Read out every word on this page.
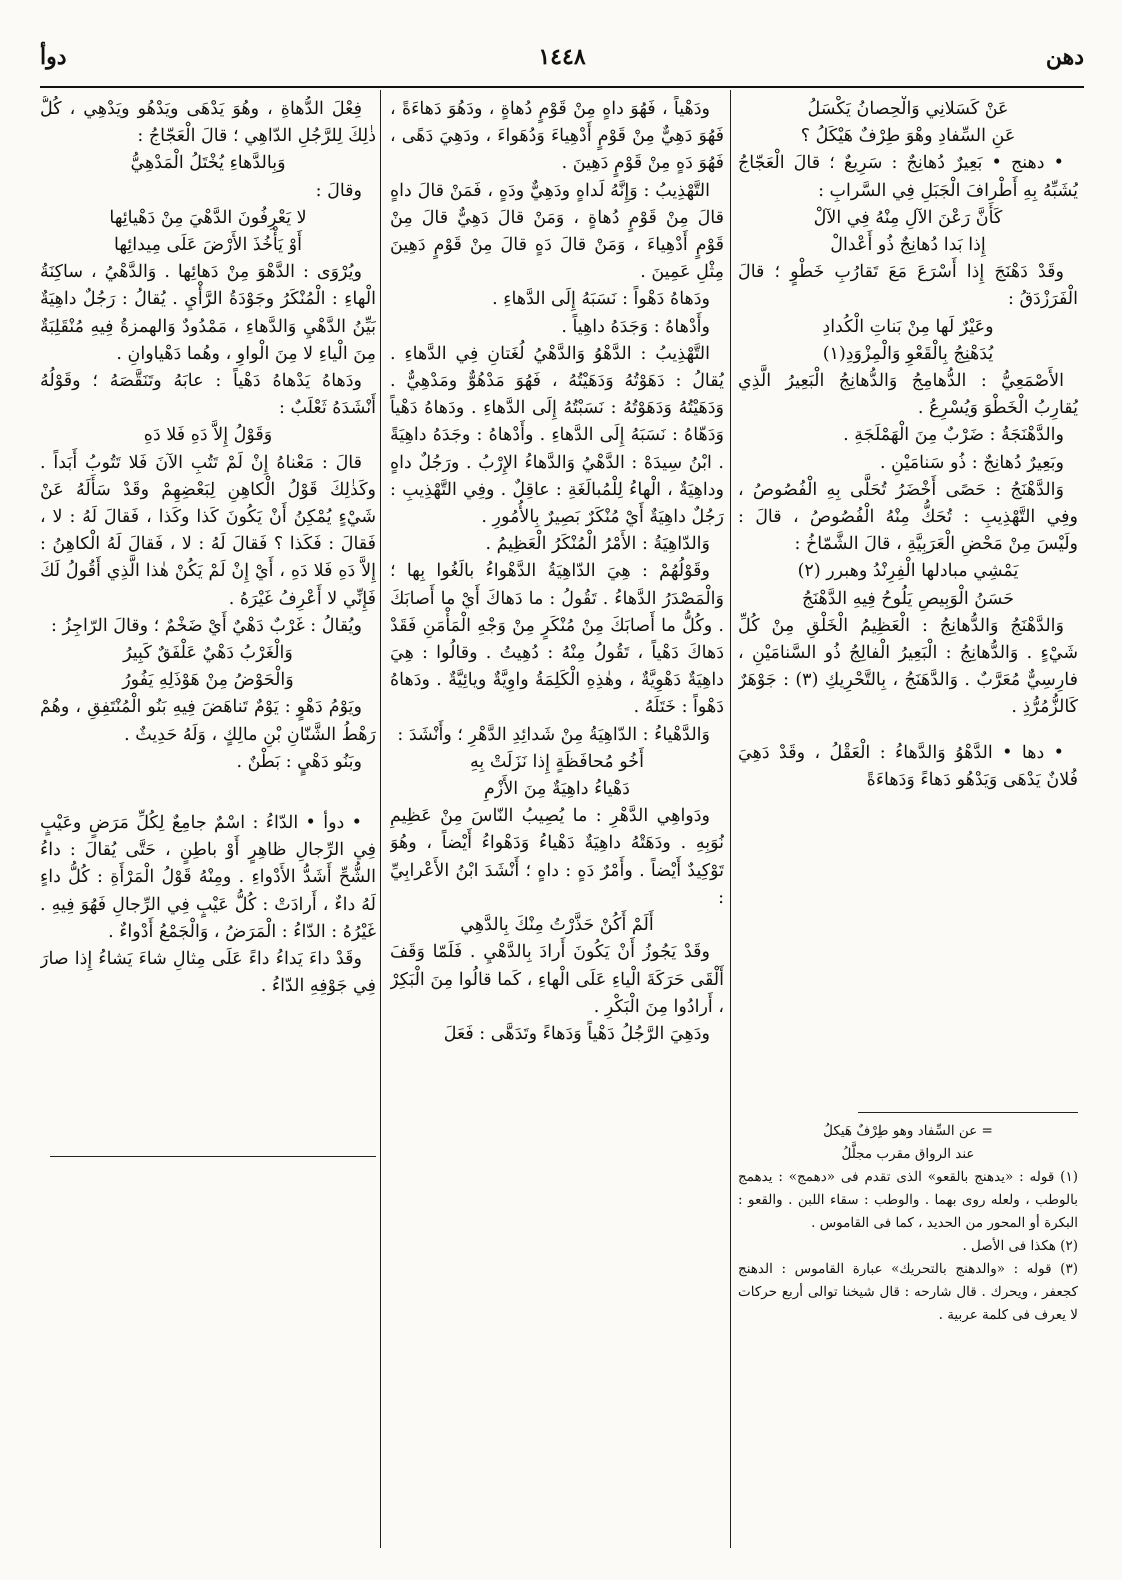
دهن
١٤٤٨
دوأ

عَنْ كَسَلانِي وَالْحِصانُ يَكْسَلُ

عَنِ السِّفادِ وهْوَ طِرْفٌ هَيْكَلُ ؟

• دهنج • بَعِيرٌ دُهانِجٌ : سَرِيعٌ ؛ قالَ الْعَجّاجُ يُشَبِّهُ بِهِ أَطْرافَ الْجَبَلِ فِي السَّرابِ :

كَأَنَّ رَعْنَ الآلِ مِنْهُ فِي الآلْ

إِذا بَدا دُهانِجٌ ذُو أَعْدالْ

وقَدْ دَهْنَجَ إِذا أَسْرَعَ مَعَ تَقارُبِ خَطْوٍ ؛ قالَ الْفَرَزْدَقُ :

وعَيْرٌ لَها مِنْ بَناتِ الْكُدادِ

يُدَهْنِجُ بِالْقَعْوِ وَالْمِزْوَدِ(١)

الأَصْمَعِيُّ : الدُّهامِجُ وَالدُّهانِجُ الْبَعِيرُ الَّذِي يُقارِبُ الْخَطْوَ وَيُسْرِعُ .

والدَّهْنَجَةُ : ضَرْبٌ مِنَ الْهَمْلَجَةِ .

وبَعِيرٌ دُهانِجٌ : ذُو سَنامَيْنِ .

وَالدَّهْنَجُ : حَصًى أَخْضَرُ تُحَلَّى بِهِ الْفُصُوصُ ، وفِي التَّهْذِيبِ : تُحَكُّ مِنْهُ الْفُصُوصُ ، قالَ : ولَيْسَ مِنْ مَحْضِ الْعَرَبِيَّةِ ، قالَ الشَّمّاخُ :

يَمْشِي مبادلها الْفِرِنْدُ وهبرر (٢)

حَسَنُ الْوَبِيصِ يَلُوحُ فِيهِ الدَّهْنَجُ

وَالدَّهْنَجُ وَالدُّهانِجُ : الْعَظِيمُ الْخَلْقِ مِنْ كُلِّ شَيْءٍ . وَالدُّهانِجُ : الْبَعِيرُ الْفالِجُ ذُو السَّنامَيْنِ ، فارِسِيٌّ مُعَرَّبٌ . وَالدَّهَنَجُ ، بِالتَّحْرِيكِ (٣) : جَوْهَرٌ كَالزُّمُرُّذِ .

• دها • الدَّهْوُ وَالدَّهاءُ : الْعَقْلُ ، وقَدْ دَهِيَ فُلانٌ يَدْهَى وَيَدْهُو دَهاءً وَدَهاءَةً

= عن السِّفاد وهو طِرْفٌ هَيكلُ

عند الرواق مقرب مجلَّلُ

(١) قوله : «يدهنج بالقعو» الذى تقدم فى «دهمج» : يدهمج بالوطب ، ولعله روى بهما . والوطب : سقاء اللبن . والقعو : البكرة أو المحور من الحديد ، كما فى القاموس .

(٢) هكذا فى الأصل .

(٣) قوله : «والدهنج بالتحريك» عبارة القاموس : الدهنج كجعفر ، ويحرك . قال شارحه : قال شيخنا توالى أربع حركات لا يعرف فى كلمة عربية .

ودَهْياً ، فَهُوَ داهٍ مِنْ قَوْمٍ دُهاةٍ ، ودَهُوَ دَهاءَةً ، فَهُوَ دَهِيٌّ مِنْ قَوْمٍ أَدْهِياءَ وَدُهَواءَ ، ودَهِيَ دَهًى ، فَهُوَ دَهٍ مِنْ قَوْمٍ دَهِينَ .

التَّهْذِيبُ : وَإِنَّهُ لَداهٍ ودَهِيٌّ ودَهٍ ، فَمَنْ قالَ داهٍ قالَ مِنْ قَوْمٍ دُهاةٍ ، وَمَنْ قالَ دَهِيٌّ قالَ مِنْ قَوْمٍ أَدْهِياءَ ، وَمَنْ قالَ دَهٍ قالَ مِنْ قَوْمٍ دَهِينَ مِثْلِ عَمِينَ .

ودَهاهُ دَهْواً : نَسَبَهُ إِلَى الدَّهاءِ .

وأَدْهاهُ : وَجَدَهُ داهِياً .

التَّهْذِيبُ : الدَّهْوُ وَالدَّهْيُ لُغَتانِ فِي الدَّهاءِ . يُقالُ : دَهَوْتُهُ وَدَهَيْتُهُ ، فَهُوَ مَدْهُوٌّ ومَدْهِيٌّ . وَدَهَيْتُهُ وَدَهَوْتُهُ : نَسَبْتُهُ إِلَى الدَّهاءِ . ودَهاهُ دَهْياً وَدَهّاهُ : نَسَبَهُ إِلَى الدَّهاءِ . وأَدْهاهُ : وجَدَهُ داهِيَةً . ابْنُ سِيدَهْ : الدَّهْيُ وَالدَّهاءُ الإِرْبُ . ورَجُلٌ داهٍ وداهِيَةٌ ، الْهاءُ لِلْمُبالَغَةِ : عاقِلٌ . وفِي التَّهْذِيبِ : رَجُلٌ داهِيَةٌ أَيْ مُنْكَرٌ بَصِيرٌ بِالأُمُورِ .

وَالدّاهِيَةُ : الأَمْرُ الْمُنْكَرُ الْعَظِيمُ .

وقَوْلُهُمْ : هِيَ الدّاهِيَةُ الدَّهْواءُ بالَغُوا بِها ؛ وَالْمَصْدَرُ الدَّهاءُ . تَقُولُ : ما دَهاكَ أَيْ ما أَصابَكَ . وكُلُّ ما أَصابَكَ مِنْ مُنْكَرٍ مِنْ وَجْهِ الْمَأْمَنِ فَقَدْ دَهاكَ دَهْياً ، تَقُولُ مِنْهُ : دُهِيتُ . وقالُوا : هِيَ داهِيَةٌ دَهْوِيَّةٌ ، وهٰذِهِ الْكَلِمَةُ واوِيَّةٌ ويائِيَّةٌ . ودَهاهُ دَهْواً : خَتَلَهُ .

وَالدَّهْياءُ : الدّاهِيَةُ مِنْ شَدائِدِ الدَّهْرِ ؛ وأَنْشَدَ :

أَخُو مُحافَظَةٍ إِذا نَزَلَتْ بِهِ

دَهْياءُ داهِيَةٌ مِنَ الأَزْمِ

ودَواهِي الدَّهْرِ : ما يُصِيبُ النّاسَ مِنْ عَظِيمِ نُوَبِهِ . ودَهَتْهُ داهِيَةٌ دَهْياءُ وَدَهْواءُ أَيْضاً ، وهُوَ تَوْكِيدٌ أَيْضاً . وأَمْرٌ دَهٍ : داهٍ ؛ أَنْشَدَ ابْنُ الأَعْرابِيِّ :

أَلَمْ أَكُنْ حَذَّرْتُ مِنْكَ بِالدَّهِي

وقَدْ يَجُوزُ أَنْ يَكُونَ أَرادَ بِالدَّهْيِ . فَلَمّا وَقَفَ أَلْقَى حَرَكَةَ الْياءِ عَلَى الْهاءِ ، كَما قالُوا مِنَ الْبَكِرْ ، أَرادُوا مِنَ الْبَكْرِ .

ودَهِيَ الرَّجُلُ دَهْياً وَدَهاءً وتَدَهَّى : فَعَلَ

فِعْلَ الدُّهاةِ ، وهُوَ يَدْهَى ويَدْهُو ويَدْهِي ، كُلُّ ذٰلِكَ لِلرَّجُلِ الدّاهِي ؛ قالَ الْعَجّاجُ :

وَبِالدَّهاءِ يُخْتَلُ الْمَدْهِيُّ

وقالَ :

لا يَعْرِفُونَ الدَّهْيَ مِنْ دَهْيائِها

أَوْ يَأْخُذَ الأَرْضَ عَلَى مِيدائِها

ويُرْوَى : الدَّهْوَ مِنْ دَهائِها . وَالدَّهْيُ ، ساكِنَةُ الْهاءِ : الْمُنْكَرُ وجَوْدَةُ الرَّأْيِ . يُقالُ : رَجُلٌ داهِيَةٌ بَيِّنُ الدَّهْيِ وَالدَّهاءِ ، مَمْدُودٌ وَالهمزةُ فِيهِ مُنْقَلِبَةٌ مِنَ الْياءِ لا مِنَ الْواوِ ، وهُما دَهْياوانِ .

ودَهاهُ يَدْهاهُ دَهْياً : عابَهُ وتَنَقَّصَهُ ؛ وقَوْلُهُ أَنْشَدَهُ ثَعْلَبٌ :

وَقَوْلُ إِلاَّ دَهِ فَلا دَهِ

قالَ : مَعْناهُ إِنْ لَمْ تَتُبِ الآنَ فَلا تَتُوبُ أَبَداً . وكَذٰلِكَ قَوْلُ الْكاهِنِ لِبَعْضِهِمْ وقَدْ سَأَلَهُ عَنْ شَيْءٍ يُمْكِنُ أَنْ يَكُونَ كَذا وكَذا ، فَقالَ لَهُ : لا ، فَقالَ : فَكَذا ؟ فَقالَ لَهُ : لا ، فَقالَ لَهُ الْكاهِنُ : إِلاَّ دَهِ فَلا دَهِ ، أَيْ إِنْ لَمْ يَكُنْ هٰذا الَّذِي أَقُولُ لَكَ فَإِنِّي لا أَعْرِفُ غَيْرَهُ .

ويُقالُ : غَرْبٌ دَهْيٌ أَيْ ضَخْمٌ ؛ وقالَ الرّاجِزُ :

وَالْغَرْبُ دَهْيٌ عَلْفَقٌ كَبِيرُ

وَالْحَوْضُ مِنْ هَوْذَلِهِ يَفُورُ

ويَوْمُ دَهْوٍ : يَوْمٌ تَناهَضَ فِيهِ بَنُو الْمُنْتَفِقِ ، وهُمْ رَهْطُ الشَّنّانِ بْنِ مالِكٍ ، وَلَهُ حَدِيثٌ .

وبَنُو دَهْيٍ : بَطْنٌ .

• دوأ • الدّاءُ : اسْمٌ جامِعٌ لِكُلِّ مَرَضٍ وعَيْبٍ فِي الرِّجالِ ظاهِرٍ أَوْ باطِنٍ ، حَتَّى يُقالَ : داءُ الشُّحِّ أَشَدُّ الأَدْواءِ . ومِنْهُ قَوْلُ الْمَرْأَةِ : كُلُّ داءٍ لَهُ داءٌ ، أَرادَتْ : كُلُّ عَيْبٍ فِي الرِّجالِ فَهُوَ فِيهِ . غَيْرُهُ : الدّاءُ : الْمَرَضُ ، وَالْجَمْعُ أَدْواءٌ .

وقَدْ داءَ يَداءُ داءً عَلَى مِثالِ شاءَ يَشاءُ إِذا صارَ فِي جَوْفِهِ الدّاءُ .
